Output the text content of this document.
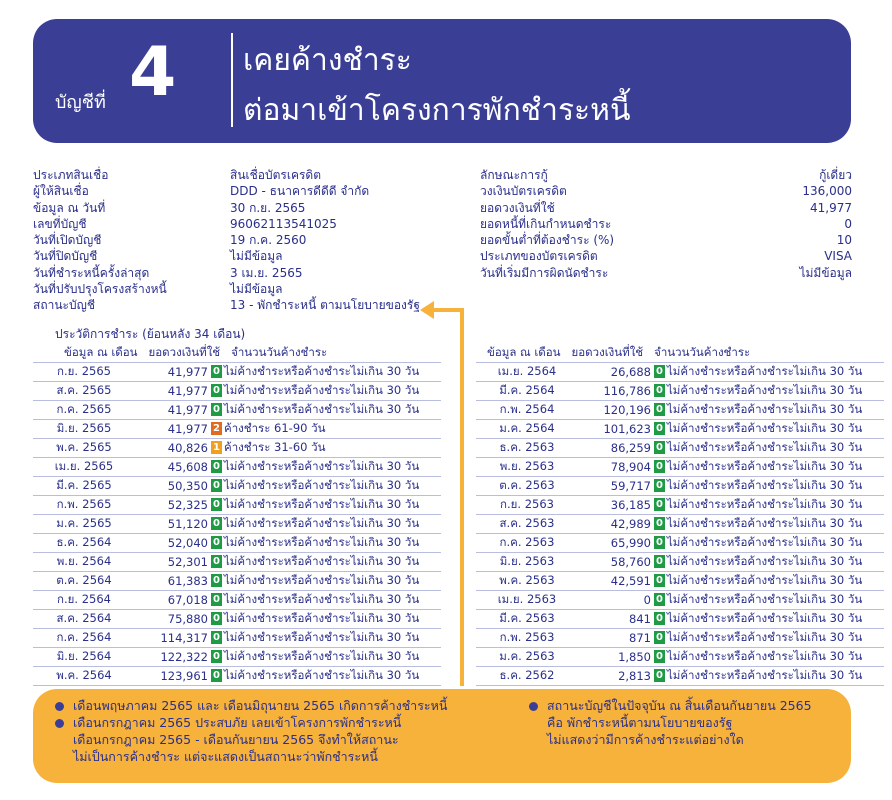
บัญชีที่ 4 เคยค้างชำระ
ต่อมาเข้าโครงการพักชำระหนี้
ประเภทสินเชื่อ	สินเชื่อบัตรเครดิต
ผู้ให้สินเชื่อ	DDD - ธนาคารดีดีดี จำกัด
ข้อมูล ณ วันที่	30 ก.ย. 2565
เลขที่บัญชี	96062113541025
วันที่เปิดบัญชี	19 ก.ค. 2560
วันที่ปิดบัญชี	ไม่มีข้อมูล
วันที่ชำระหนี้ครั้งล่าสุด	3 เม.ย. 2565
วันที่ปรับปรุงโครงสร้างหนี้	ไม่มีข้อมูล
สถานะบัญชี	13 - พักชำระหนี้ ตามนโยบายของรัฐ
ลักษณะการกู้	กู้เดี่ยว
วงเงินบัตรเครดิต	136,000
ยอดวงเงินที่ใช้	41,977
ยอดหนี้ที่เกินกำหนดชำระ	0
ยอดขั้นต่ำที่ต้องชำระ (%)	10
ประเภทของบัตรเครดิต	VISA
วันที่เริ่มมีการผิดนัดชำระ	ไม่มีข้อมูล
ประวัติการชำระ (ย้อนหลัง 34 เดือน)
ข้อมูล ณ เดือน ยอดวงเงินที่ใช้ จำนวนวันค้างชำระ	ข้อมูล ณ เดือน ยอดวงเงินที่ใช้ จำนวนวันค้างชำระ
ก.ย. 2565	41,977	0 ไม่ค้างชำระหรือค้างชำระไม่เกิน 30 วัน
ส.ค. 2565	41,977	0 ไม่ค้างชำระหรือค้างชำระไม่เกิน 30 วัน
ก.ค. 2565	41,977	0 ไม่ค้างชำระหรือค้างชำระไม่เกิน 30 วัน
มิ.ย. 2565	41,977	2 ค้างชำระ 61-90 วัน
พ.ค. 2565	40,826	1 ค้างชำระ 31-60 วัน
เม.ย. 2565	45,608	0 ไม่ค้างชำระหรือค้างชำระไม่เกิน 30 วัน
มี.ค. 2565	50,350	0 ไม่ค้างชำระหรือค้างชำระไม่เกิน 30 วัน
ก.พ. 2565	52,325	0 ไม่ค้างชำระหรือค้างชำระไม่เกิน 30 วัน
ม.ค. 2565	51,120	0 ไม่ค้างชำระหรือค้างชำระไม่เกิน 30 วัน
ธ.ค. 2564	52,040	0 ไม่ค้างชำระหรือค้างชำระไม่เกิน 30 วัน
พ.ย. 2564	52,301	0 ไม่ค้างชำระหรือค้างชำระไม่เกิน 30 วัน
ต.ค. 2564	61,383	0 ไม่ค้างชำระหรือค้างชำระไม่เกิน 30 วัน
ก.ย. 2564	67,018	0 ไม่ค้างชำระหรือค้างชำระไม่เกิน 30 วัน
ส.ค. 2564	75,880	0 ไม่ค้างชำระหรือค้างชำระไม่เกิน 30 วัน
ก.ค. 2564	114,317	0 ไม่ค้างชำระหรือค้างชำระไม่เกิน 30 วัน
มิ.ย. 2564	122,322	0 ไม่ค้างชำระหรือค้างชำระไม่เกิน 30 วัน
พ.ค. 2564	123,961	0 ไม่ค้างชำระหรือค้างชำระไม่เกิน 30 วัน
เม.ย. 2564	26,688	0 ไม่ค้างชำระหรือค้างชำระไม่เกิน 30 วัน
มี.ค. 2564	116,786	0 ไม่ค้างชำระหรือค้างชำระไม่เกิน 30 วัน
ก.พ. 2564	120,196	0 ไม่ค้างชำระหรือค้างชำระไม่เกิน 30 วัน
ม.ค. 2564	101,623	0 ไม่ค้างชำระหรือค้างชำระไม่เกิน 30 วัน
ธ.ค. 2563	86,259	0 ไม่ค้างชำระหรือค้างชำระไม่เกิน 30 วัน
พ.ย. 2563	78,904	0 ไม่ค้างชำระหรือค้างชำระไม่เกิน 30 วัน
ต.ค. 2563	59,717	0 ไม่ค้างชำระหรือค้างชำระไม่เกิน 30 วัน
ก.ย. 2563	36,185	0 ไม่ค้างชำระหรือค้างชำระไม่เกิน 30 วัน
ส.ค. 2563	42,989	0 ไม่ค้างชำระหรือค้างชำระไม่เกิน 30 วัน
ก.ค. 2563	65,990	0 ไม่ค้างชำระหรือค้างชำระไม่เกิน 30 วัน
มิ.ย. 2563	58,760	0 ไม่ค้างชำระหรือค้างชำระไม่เกิน 30 วัน
พ.ค. 2563	42,591	0 ไม่ค้างชำระหรือค้างชำระไม่เกิน 30 วัน
เม.ย. 2563	0	0 ไม่ค้างชำระหรือค้างชำระไม่เกิน 30 วัน
มี.ค. 2563	841	0 ไม่ค้างชำระหรือค้างชำระไม่เกิน 30 วัน
ก.พ. 2563	871	0 ไม่ค้างชำระหรือค้างชำระไม่เกิน 30 วัน
ม.ค. 2563	1,850	0 ไม่ค้างชำระหรือค้างชำระไม่เกิน 30 วัน
ธ.ค. 2562	2,813	0 ไม่ค้างชำระหรือค้างชำระไม่เกิน 30 วัน
เดือนพฤษภาคม 2565 และ เดือนมิถุนายน 2565 เกิดการค้างชำระหนี้
เดือนกรกฎาคม 2565 ประสบภัย เลยเข้าโครงการพักชำระหนี้
เดือนกรกฎาคม 2565 - เดือนกันยายน 2565 จึงทำให้สถานะ
ไม่เป็นการค้างชำระ แต่จะแสดงเป็นสถานะว่าพักชำระหนี้
สถานะบัญชีในปัจจุบัน ณ สิ้นเดือนกันยายน 2565
คือ พักชำระหนี้ตามนโยบายของรัฐ
ไม่แสดงว่ามีการค้างชำระแต่อย่างใด
